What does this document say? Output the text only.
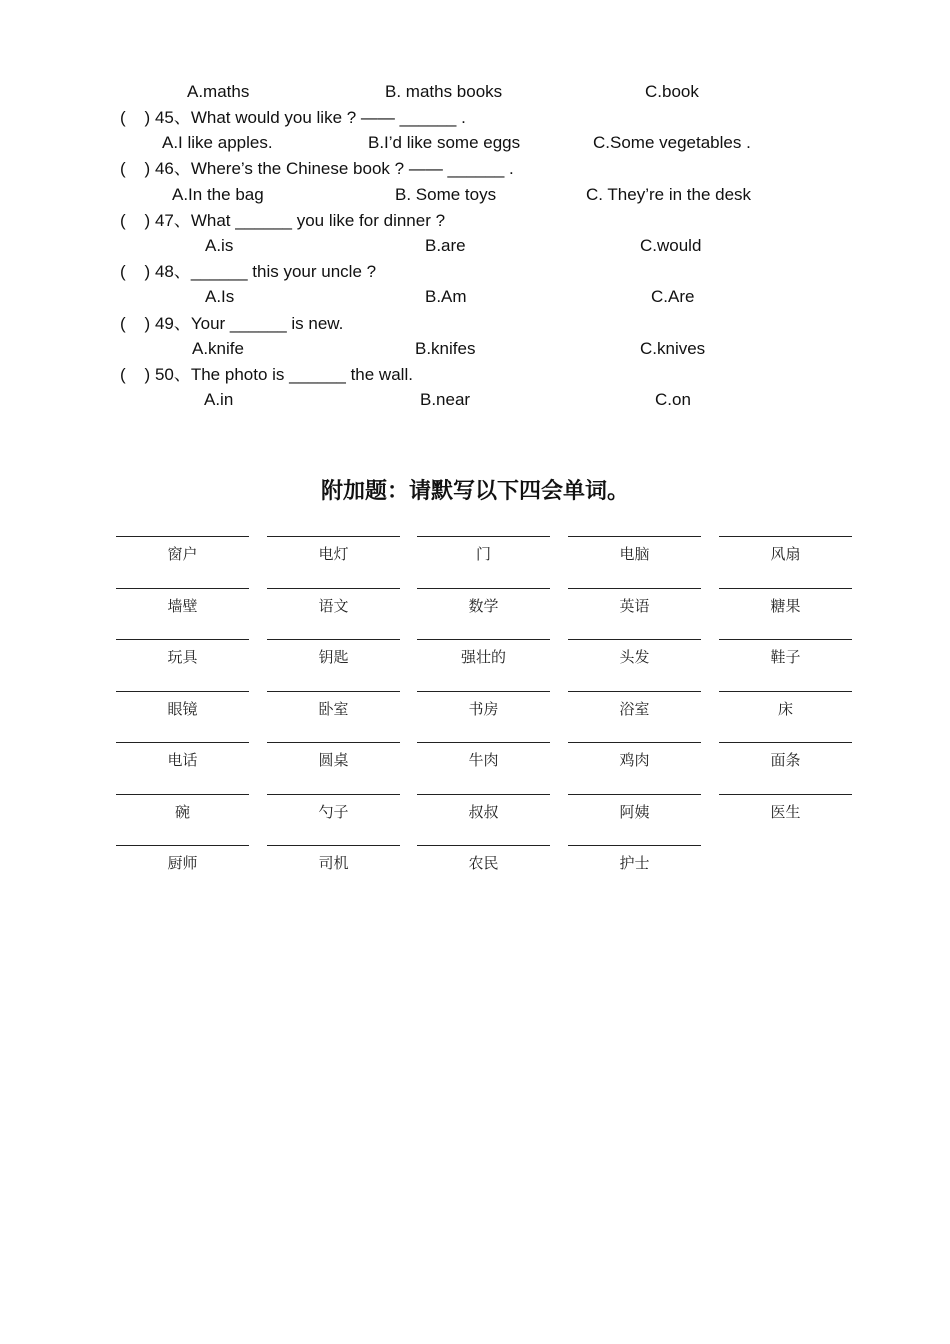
A.maths	B. maths books	C.book
(    ) 45、What would you like ? —— ______ .
A.I like apples.	B.I’d like some eggs	C.Some vegetables .
(    ) 46、Where’s the Chinese book ? —— ______ .
A.In the bag	B. Some toys	C. They’re in the desk
(    ) 47、What ______ you like for dinner ?
A.is	B.are	C.would
(    ) 48、______ this your uncle ?
A.Is	B.Am	C.Are
(    ) 49、Your ______ is new.
A.knife	B.knifes	C.knives
(    ) 50、The photo is ______ the wall.
A.in	B.near	C.on
附加题：请默写以下四会单词。
窗户	电灯	门	电脑	风扇
墙壁	语文	数学	英语	糖果
玩具	钥匙	强壮的	头发	鞋子
眼镜	卧室	书房	浴室	床
电话	圆桌	牛肉	鸡肉	面条
碗	勺子	叔叔	阿姨	医生
厨师	司机	农民	护士
